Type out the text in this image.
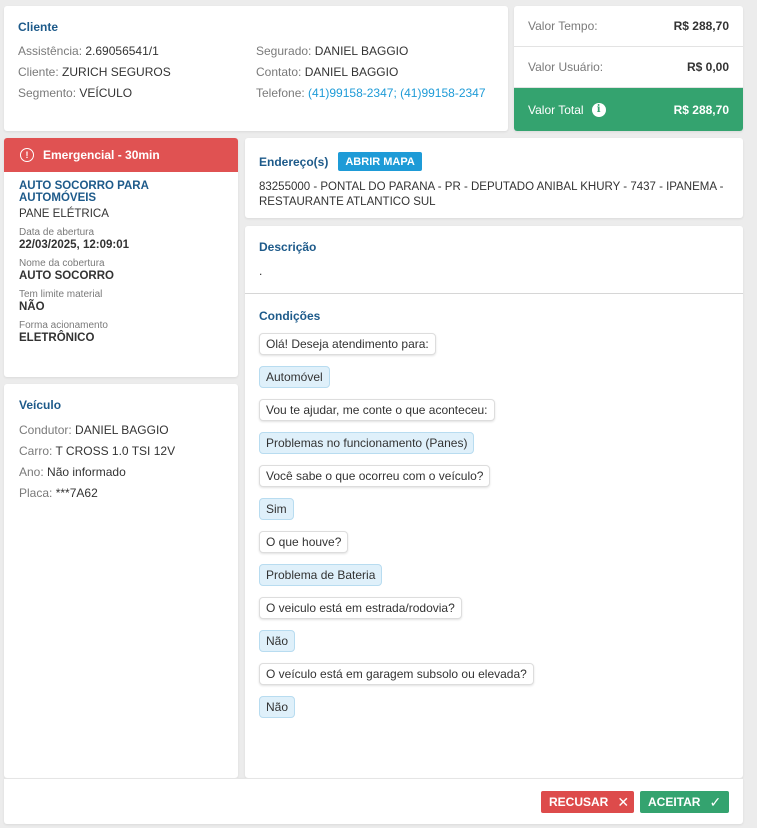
Cliente
Assistência: 2.69056541/1
Cliente: ZURICH SEGUROS
Segmento: VEÍCULO
Segurado: DANIEL BAGGIO
Contato: DANIEL BAGGIO
Telefone: (41)99158-2347; (41)99158-2347
Valor Tempo:	R$ 288,70
Valor Usuário:	R$ 0,00
Valor Total	i	R$ 288,70
!	Emergencial - 30min
AUTO SOCORRO PARA AUTOMÓVEIS
PANE ELÉTRICA
Data de abertura
22/03/2025, 12:09:01
Nome da cobertura
AUTO SOCORRO
Tem limite material
NÃO
Forma acionamento
ELETRÔNICO
Veículo
Condutor: DANIEL BAGGIO
Carro: T CROSS 1.0 TSI 12V
Ano: Não informado
Placa: ***7A62
Endereço(s)	ABRIR MAPA
83255000 - PONTAL DO PARANA - PR - DEPUTADO ANIBAL KHURY - 7437 - IPANEMA - RESTAURANTE ATLANTICO SUL
Descrição
.
Condições
Olá! Deseja atendimento para:
Automóvel
Vou te ajudar, me conte o que aconteceu:
Problemas no funcionamento (Panes)
Você sabe o que ocorreu com o veículo?
Sim
O que houve?
Problema de Bateria
O veiculo está em estrada/rodovia?
Não
O veículo está em garagem subsolo ou elevada?
Não
RECUSAR ✕ ACEITAR ✓
